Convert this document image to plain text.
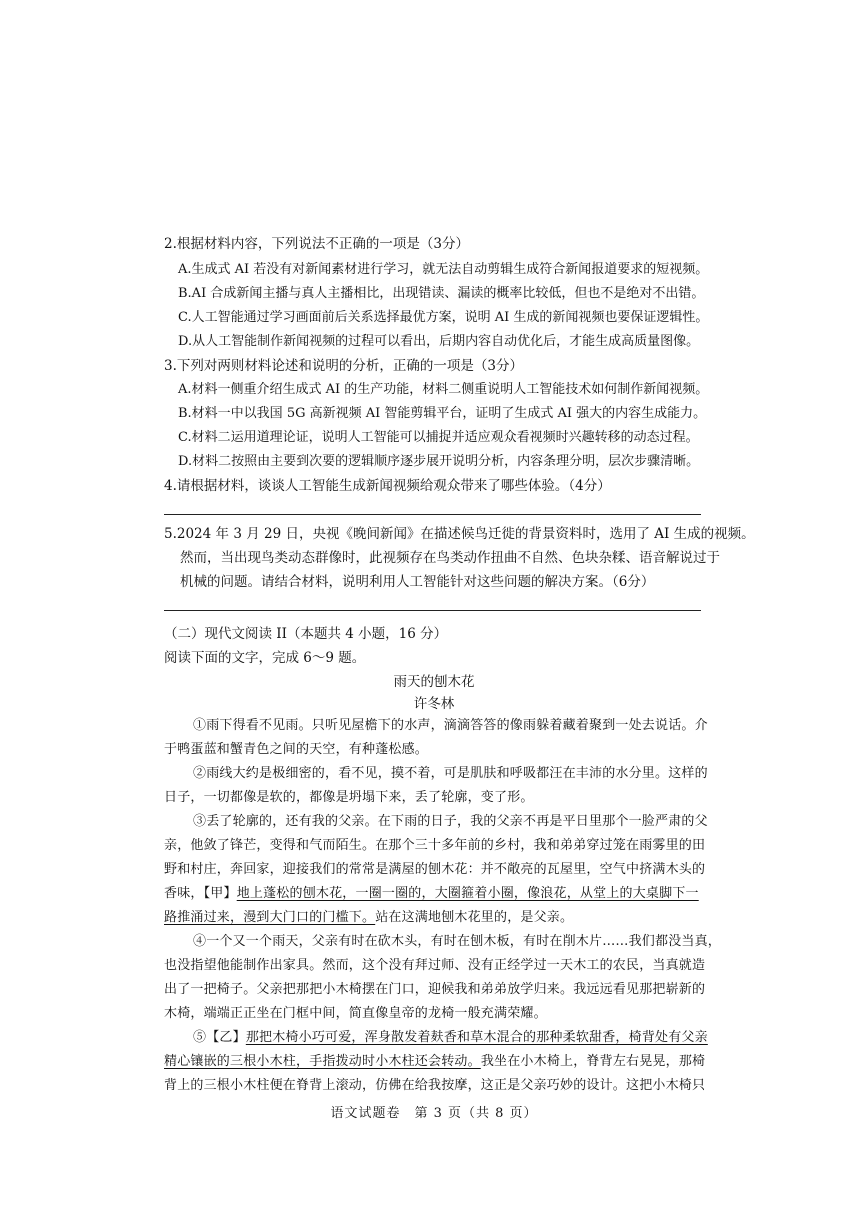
2.根据材料内容，下列说法不正确的一项是（3分）
A.生成式 AI 若没有对新闻素材进行学习，就无法自动剪辑生成符合新闻报道要求的短视频。
B.AI 合成新闻主播与真人主播相比，出现错读、漏读的概率比较低，但也不是绝对不出错。
C.人工智能通过学习画面前后关系选择最优方案，说明 AI 生成的新闻视频也要保证逻辑性。
D.从人工智能制作新闻视频的过程可以看出，后期内容自动优化后，才能生成高质量图像。
3.下列对两则材料论述和说明的分析，正确的一项是（3分）
A.材料一侧重介绍生成式 AI 的生产功能，材料二侧重说明人工智能技术如何制作新闻视频。
B.材料一中以我国 5G 高新视频 AI 智能剪辑平台，证明了生成式 AI 强大的内容生成能力。
C.材料二运用道理论证，说明人工智能可以捕捉并适应观众看视频时兴趣转移的动态过程。
D.材料二按照由主要到次要的逻辑顺序逐步展开说明分析，内容条理分明，层次步骤清晰。
4.请根据材料，谈谈人工智能生成新闻视频给观众带来了哪些体验。（4分）
5.2024 年 3 月 29 日，央视《晚间新闻》在描述候鸟迁徙的背景资料时，选用了 AI 生成的视频。
然而，当出现鸟类动态群像时，此视频存在鸟类动作扭曲不自然、色块杂糅、语音解说过于
机械的问题。请结合材料，说明利用人工智能针对这些问题的解决方案。（6分）
（二）现代文阅读 II（本题共 4 小题，16 分）
阅读下面的文字，完成 6～9 题。
雨天的刨木花
许冬林
①雨下得看不见雨。只听见屋檐下的水声，滴滴答答的像雨躲着藏着聚到一处去说话。介
于鸭蛋蓝和蟹青色之间的天空，有种蓬松感。
②雨线大约是极细密的，看不见，摸不着，可是肌肤和呼吸都汪在丰沛的水分里。这样的
日子，一切都像是软的，都像是坍塌下来，丢了轮廓，变了形。
③丢了轮廓的，还有我的父亲。在下雨的日子，我的父亲不再是平日里那个一脸严肃的父
亲，他敛了锋芒，变得和气而陌生。在那个三十多年前的乡村，我和弟弟穿过笼在雨雾里的田
野和村庄，奔回家，迎接我们的常常是满屋的刨木花：并不敞亮的瓦屋里，空气中挤满木头的
香味，【甲】地上蓬松的刨木花，一圈一圈的，大圈箍着小圈，像浪花，从堂上的大桌脚下一
路推涌过来，漫到大门口的门槛下。站在这满地刨木花里的，是父亲。
④一个又一个雨天，父亲有时在砍木头，有时在刨木板，有时在削木片……我们都没当真，
也没指望他能制作出家具。然而，这个没有拜过师、没有正经学过一天木工的农民，当真就造
出了一把椅子。父亲把那把小木椅摆在门口，迎候我和弟弟放学归来。我远远看见那把崭新的
木椅，端端正正坐在门框中间，简直像皇帝的龙椅一般充满荣耀。
⑤【乙】那把木椅小巧可爱，浑身散发着麸香和草木混合的那种柔软甜香，椅背处有父亲
精心镶嵌的三根小木柱，手指拨动时小木柱还会转动。我坐在小木椅上，脊背左右晃晃，那椅
背上的三根小木柱便在脊背上滚动，仿佛在给我按摩，这正是父亲巧妙的设计。这把小木椅只
语文试题卷　第 3 页（共 8 页）
